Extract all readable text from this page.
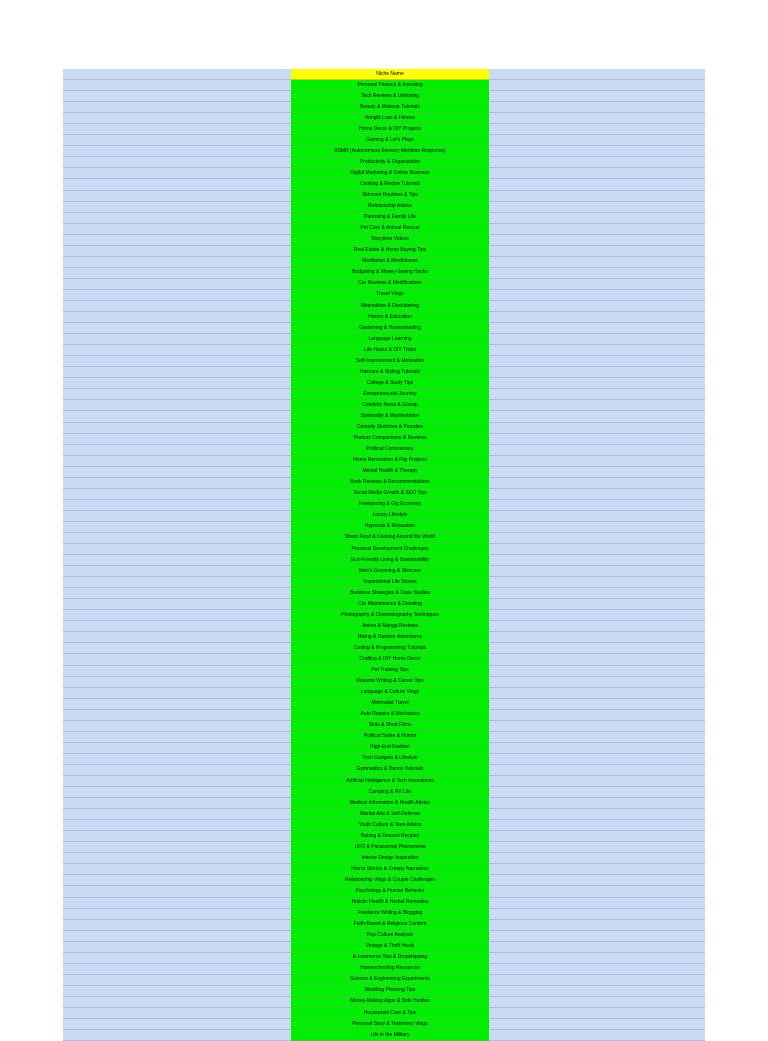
	Niche Name	
	Personal Finance & Investing	
	Tech Reviews & Unboxing	
	Beauty & Makeup Tutorials	
	Weight Loss & Fitness	
	Home Decor & DIY Projects	
	Gaming & Let's Plays	
	ASMR (Autonomous Sensory Meridian Response)	
	Productivity & Organization	
	Digital Marketing & Online Business	
	Cooking & Recipe Tutorials	
	Skincare Routines & Tips	
	Relationship Advice	
	Parenting & Family Life	
	Pet Care & Animal Rescue	
	Storytime Videos	
	Real Estate & Home Buying Tips	
	Meditation & Mindfulness	
	Budgeting & Money-Saving Hacks	
	Car Reviews & Modifications	
	Travel Vlogs	
	Minimalism & Decluttering	
	History & Education	
	Gardening & Homesteading	
	Language Learning	
	Life Hacks & DIY Tricks	
	Self-Improvement & Motivation	
	Haircare & Styling Tutorials	
	College & Study Tips	
	Entrepreneurial Journey	
	Celebrity News & Gossip	
	Spirituality & Manifestation	
	Comedy Sketches & Parodies	
	Product Comparisons & Reviews	
	Political Commentary	
	Home Renovation & Flip Projects	
	Mental Health & Therapy	
	Book Reviews & Recommendations	
	Social Media Growth & SEO Tips	
	Freelancing & Gig Economy	
	Luxury Lifestyle	
	Hypnosis & Relaxation	
	Street Food & Cooking Around the World	
	Personal Development Challenges	
	Eco-Friendly Living & Sustainability	
	Men's Grooming & Skincare	
	Inspirational Life Stories	
	Business Strategies & Case Studies	
	Car Maintenance & Detailing	
	Photography & Cinematography Techniques	
	Anime & Manga Reviews	
	Hiking & Outdoor Adventures	
	Coding & Programming Tutorials	
	Crafting & DIY Home Decor	
	Pet Training Tips	
	Resume Writing & Career Tips	
	Language & Culture Vlogs	
	Minimalist Travel	
	Auto Repairs & Mechanics	
	Skits & Short Films	
	Political Satire & Humor	
	High-End Fashion	
	Tech Gadgets & Lifestyle	
	Gymnastics & Dance Tutorials	
	Artificial Intelligence & Tech Innovations	
	Camping & RV Life	
	Medical Information & Health Advice	
	Martial Arts & Self-Defense	
	Youth Culture & Teen Advice	
	Baking & Dessert Recipes	
	UFO & Paranormal Phenomena	
	Interior Design Inspiration	
	Horror Stories & Creepy Narratives	
	Relationship Vlogs & Couple Challenges	
	Psychology & Human Behavior	
	Holistic Health & Herbal Remedies	
	Freelance Writing & Blogging	
	Faith-Based & Religious Content	
	Pop Culture Analysis	
	Vintage & Thrift Hauls	
	E-commerce Tips & Dropshipping	
	Homeschooling Resources	
	Science & Engineering Experiments	
	Wedding Planning Tips	
	Money-Making Apps & Side Hustles	
	Houseplant Care & Tips	
	Personal Story & Testimony Vlogs	
	Life in the Military	
